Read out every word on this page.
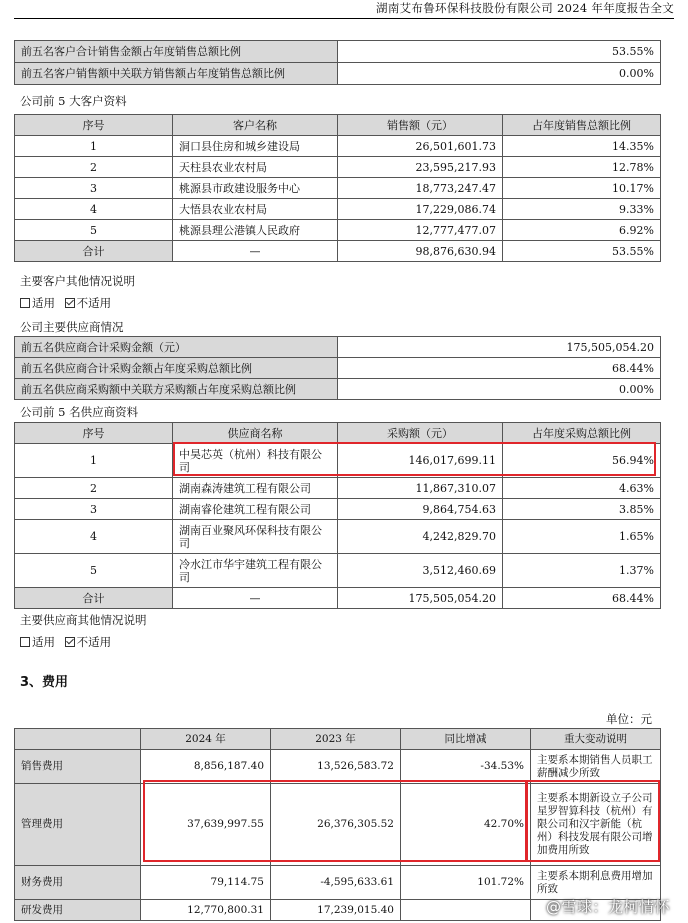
湖南艾布鲁环保科技股份有限公司 2024 年年度报告全文
前五名客户合计销售金额占年度销售总额比例	53.55%
前五名客户销售额中关联方销售额占年度销售总额比例	0.00%
公司前 5 大客户资料
序号	客户名称	销售额（元）	占年度销售总额比例
1	洞口县住房和城乡建设局	26,501,601.73	14.35%
2	天柱县农业农村局	23,595,217.93	12.78%
3	桃源县市政建设服务中心	18,773,247.47	10.17%
4	大悟县农业农村局	17,229,086.74	9.33%
5	桃源县理公港镇人民政府	12,777,477.07	6.92%
合计	—	98,876,630.94	53.55%
主要客户其他情况说明
适用 不适用
公司主要供应商情况
前五名供应商合计采购金额（元）	175,505,054.20
前五名供应商合计采购金额占年度采购总额比例	68.44%
前五名供应商采购额中关联方采购额占年度采购总额比例	0.00%
公司前 5 名供应商资料
序号	供应商名称	采购额（元）	占年度采购总额比例
1	中昊芯英（杭州）科技有限公司	146,017,699.11	56.94%
2	湖南森涛建筑工程有限公司	11,867,310.07	4.63%
3	湖南睿伦建筑工程有限公司	9,864,754.63	3.85%
4	湖南百业聚风环保科技有限公司	4,242,829.70	1.65%
5	冷水江市华宇建筑工程有限公司	3,512,460.69	1.37%
合计	—	175,505,054.20	68.44%
主要供应商其他情况说明
适用 不适用
3、费用
单位：元
	2024 年	2023 年	同比增减	重大变动说明
销售费用	8,856,187.40	13,526,583.72	-34.53%	主要系本期销售人员职工薪酬减少所致
管理费用	37,639,997.55	26,376,305.52	42.70%	主要系本期新设立子公司星罗智算科技（杭州）有限公司和汉宇新能（杭州）科技发展有限公司增加费用所致
财务费用	79,114.75	-4,595,633.61	101.72%	主要系本期利息费用增加所致
研发费用	12,770,800.31	17,239,015.40			@雪球：龙柯情怀
